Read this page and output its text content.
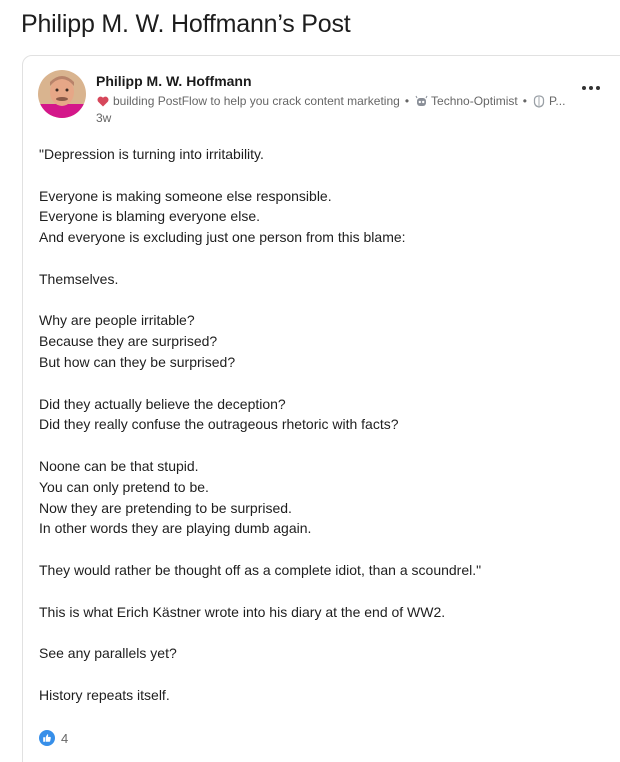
Philipp M. W. Hoffmann’s Post
Philipp M. W. Hoffmann
building PostFlow to help you crack content marketing • Techno-Optimist • P...
3w
"Depression is turning into irritability.
Everyone is making someone else responsible.
Everyone is blaming everyone else.
And everyone is excluding just one person from this blame:
Themselves.
Why are people irritable?
Because they are surprised?
But how can they be surprised?
Did they actually believe the deception?
Did they really confuse the outrageous rhetoric with facts?
Noone can be that stupid.
You can only pretend to be.
Now they are pretending to be surprised.
In other words they are playing dumb again.
They would rather be thought off as a complete idiot, than a scoundrel."
This is what Erich Kästner wrote into his diary at the end of WW2.
See any parallels yet?
History repeats itself.
4
